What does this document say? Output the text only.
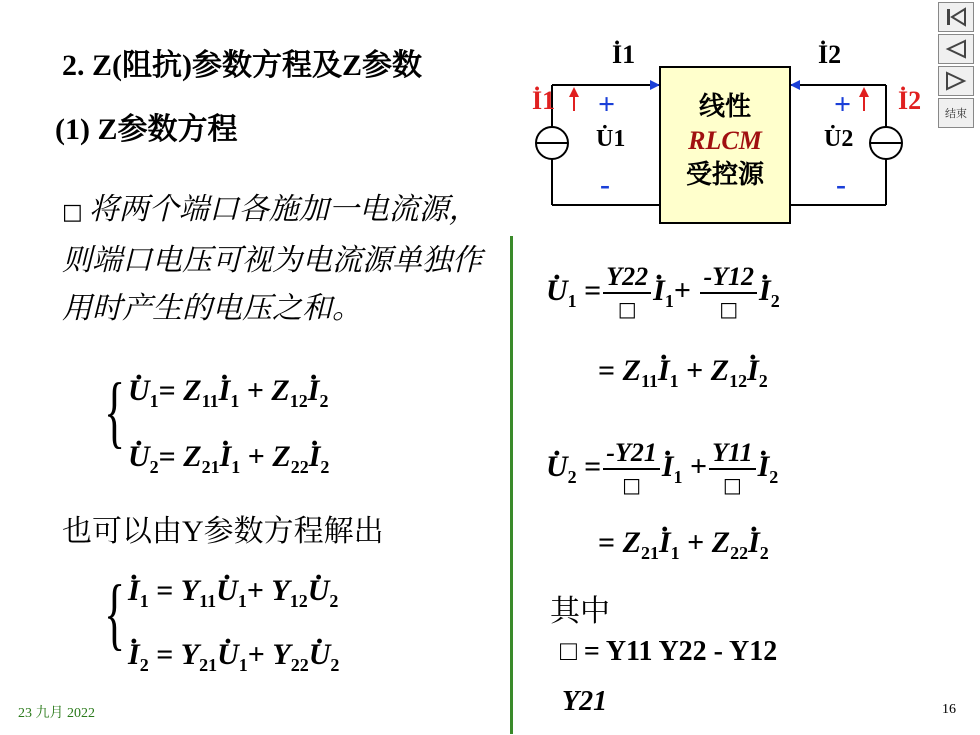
2. Z(阻抗)参数方程及Z参数
(1) Z参数方程
□ 将两个端口各施加一电流源，则端口电压可视为电流源单独作用时产生的电压之和。
{
· $U_1= Z_{11}\cdot I_1 + Z_{12}\cdot I_2$
· $U_2= Z_{21}\cdot I_1 + Z_{22}\cdot I_2$
也可以由Y参数方程解出
{
· $I_1 = Y_{11}\cdot U_1+ Y_{12}\cdot U_2$
· $I_2 = Y_{21}\cdot U_1+ Y_{22}\cdot U_2$
İ1	İ2
İ1	İ2
+	+
U̇1	U̇2
-	-
线性
RLCM
受控源
· $U_1 = \frac{Y22}{□}$
· $I_1+ \frac{-Y12}{□}$
· $I_2$
= $Z_{11}\cdot I_1 + Z_{12}\cdot I_2$
· $U_2 = \frac{-Y21}{□}$
· $I_1 + \frac{Y11}{□}$
· $I_2$
= $Z_{21}\cdot I_1 + Z_{22}\cdot I_2$
其中
□ = Y11 Y22 - Y12
Y21
结束
23 九月 2022	16
